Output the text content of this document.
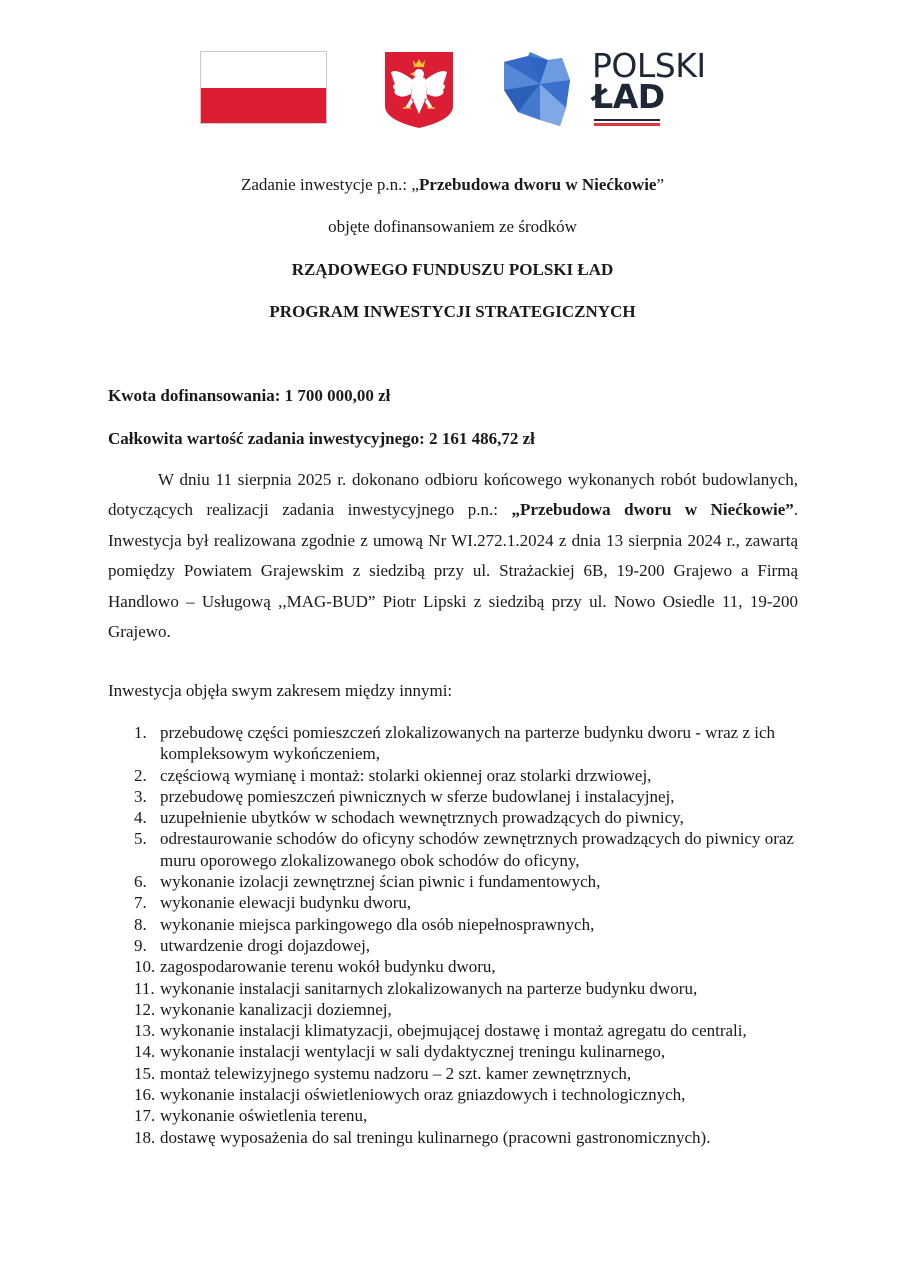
POLSKI
ŁAD
Zadanie inwestycje p.n.: „Przebudowa dworu w Niećkowie”
objęte dofinansowaniem ze środków
RZĄDOWEGO FUNDUSZU POLSKI ŁAD
PROGRAM INWESTYCJI STRATEGICZNYCH
Kwota dofinansowania: 1 700 000,00 zł
Całkowita wartość zadania inwestycyjnego: 2 161 486,72 zł
W dniu 11 sierpnia 2025 r. dokonano odbioru końcowego wykonanych robót budowlanych, dotyczących realizacji zadania inwestycyjnego p.n.: „Przebudowa dworu w Niećkowie”. Inwestycja był realizowana zgodnie z umową Nr WI.272.1.2024 z dnia 13 sierpnia 2024 r., zawartą pomiędzy Powiatem Grajewskim z siedzibą przy ul. Strażackiej 6B, 19-200 Grajewo a Firmą Handlowo – Usługową ,,MAG-BUD” Piotr Lipski z siedzibą przy ul. Nowo Osiedle 11, 19-200 Grajewo.
Inwestycja objęła swym zakresem między innymi:
1. przebudowę części pomieszczeń zlokalizowanych na parterze budynku dworu - wraz z ich kompleksowym wykończeniem,
2. częściową wymianę i montaż: stolarki okiennej oraz stolarki drzwiowej,
3. przebudowę pomieszczeń piwnicznych w sferze budowlanej i instalacyjnej,
4. uzupełnienie ubytków w schodach wewnętrznych prowadzących do piwnicy,
5. odrestaurowanie schodów do oficyny schodów zewnętrznych prowadzących do piwnicy oraz muru oporowego zlokalizowanego obok schodów do oficyny,
6. wykonanie izolacji zewnętrznej ścian piwnic i fundamentowych,
7. wykonanie elewacji budynku dworu,
8. wykonanie miejsca parkingowego dla osób niepełnosprawnych,
9. utwardzenie drogi dojazdowej,
10. zagospodarowanie terenu wokół budynku dworu,
11. wykonanie instalacji sanitarnych zlokalizowanych na parterze budynku dworu,
12. wykonanie kanalizacji doziemnej,
13. wykonanie instalacji klimatyzacji, obejmującej dostawę i montaż agregatu do centrali,
14. wykonanie instalacji wentylacji w sali dydaktycznej treningu kulinarnego,
15. montaż telewizyjnego systemu nadzoru – 2 szt. kamer zewnętrznych,
16. wykonanie instalacji oświetleniowych oraz gniazdowych i technologicznych,
17. wykonanie oświetlenia terenu,
18. dostawę wyposażenia do sal treningu kulinarnego (pracowni gastronomicznych).
